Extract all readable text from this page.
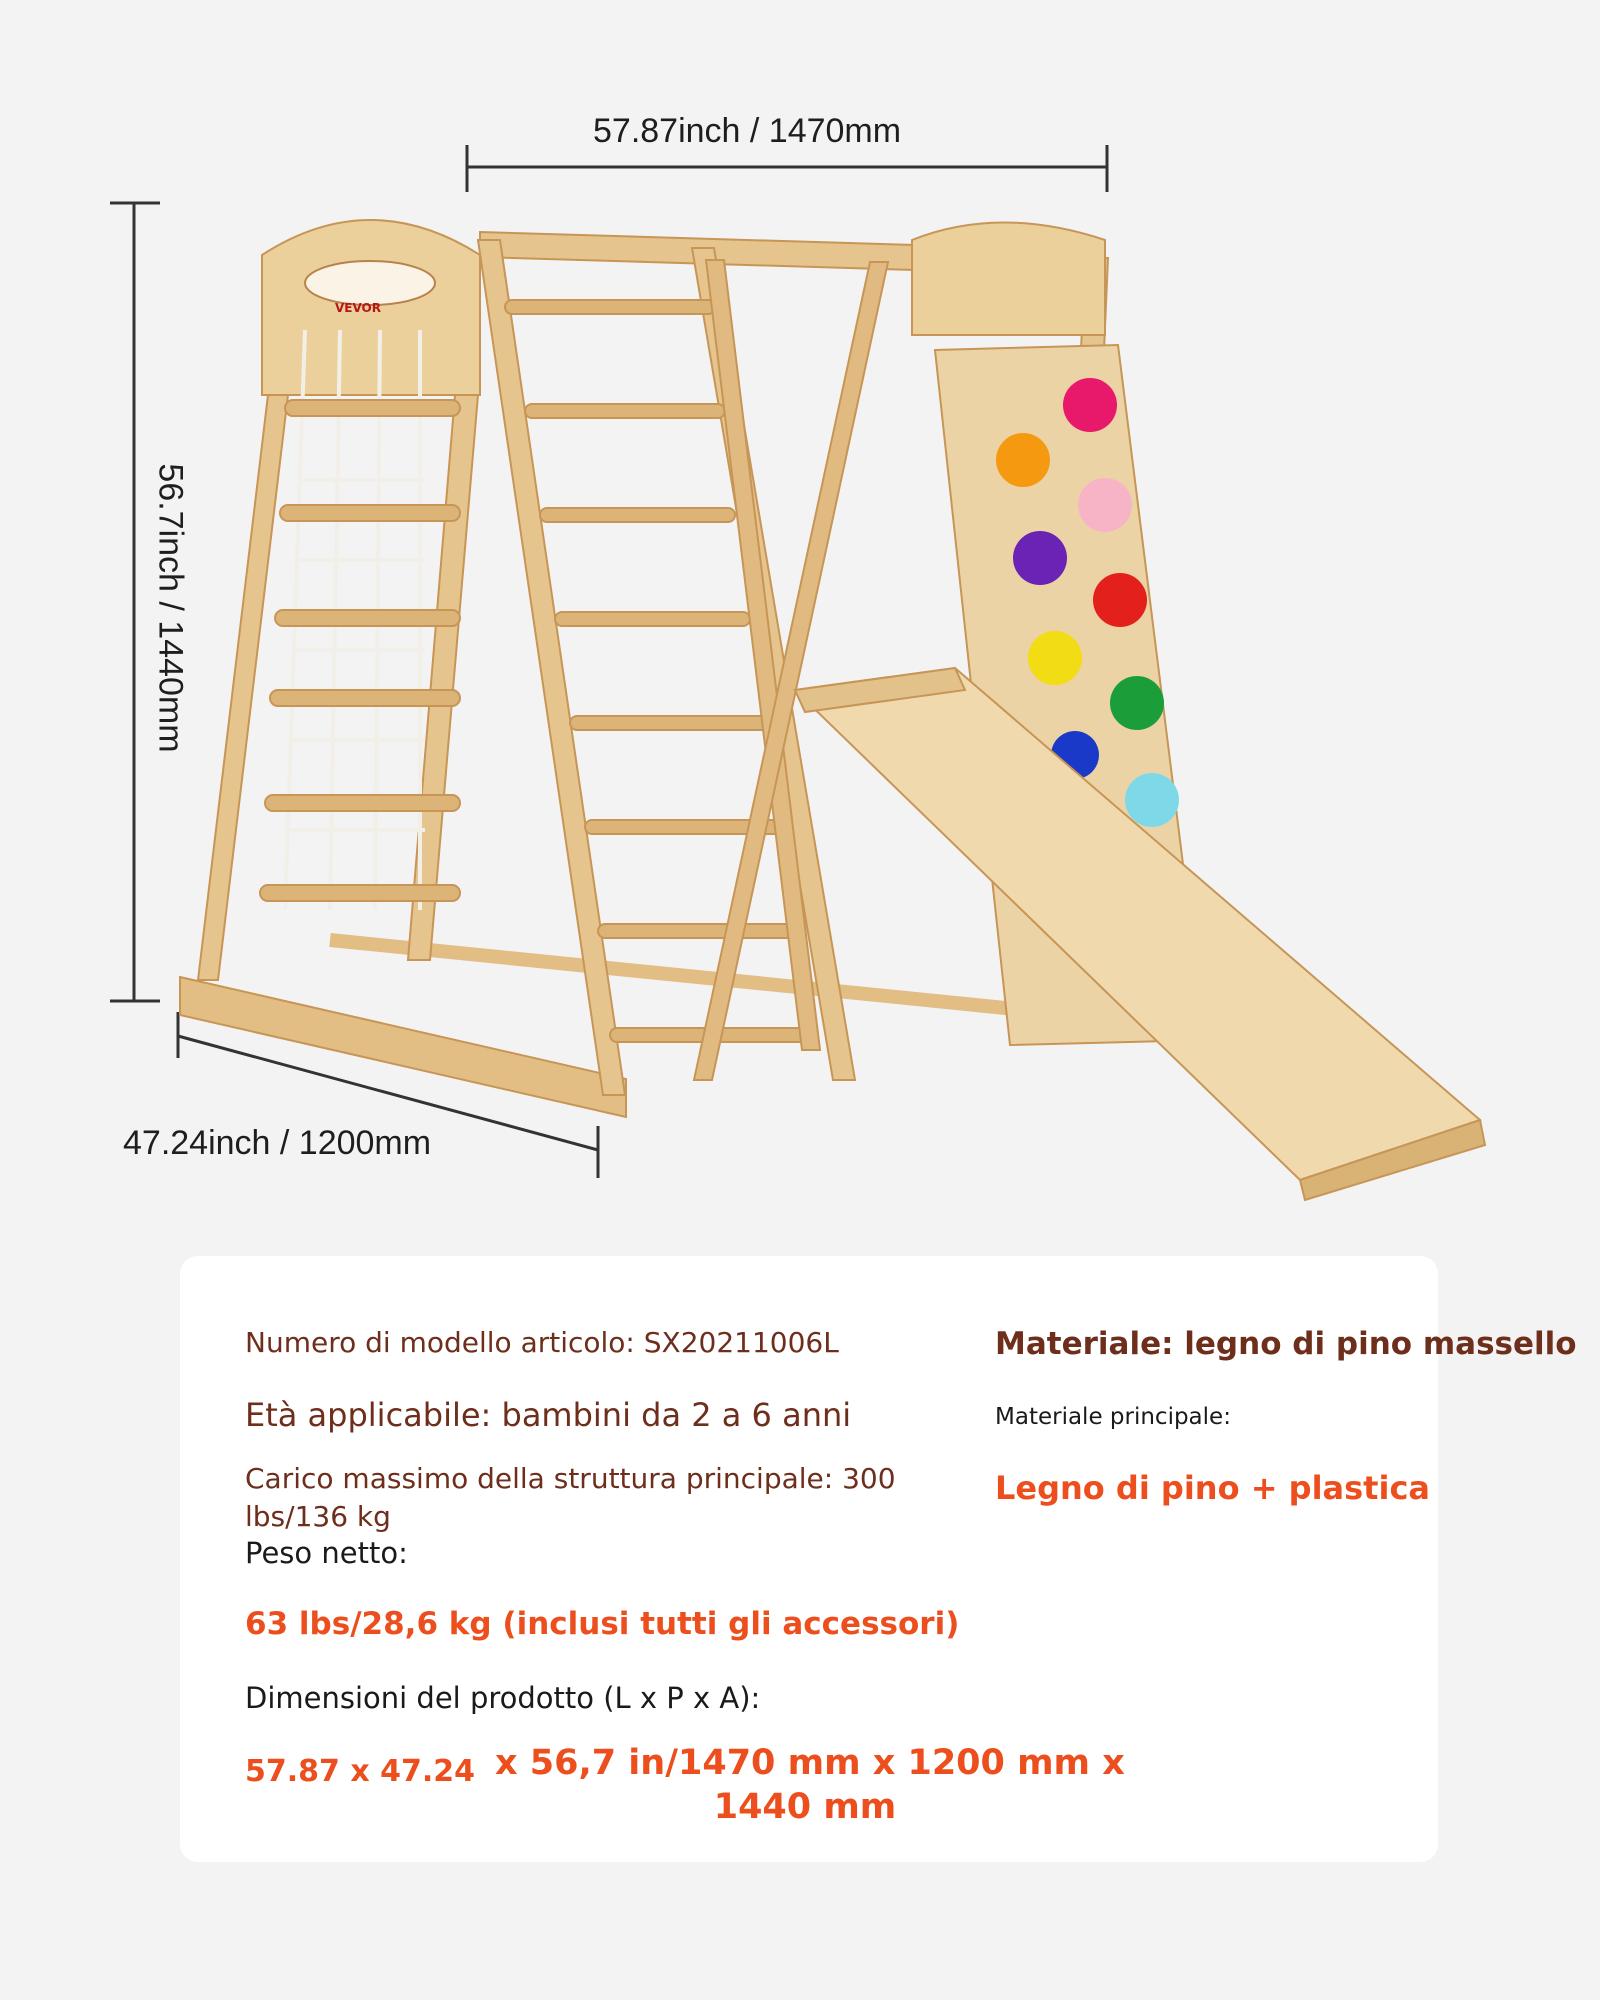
57.87inch / 1470mm
56.7inch / 1440mm
47.24inch / 1200mm
VEVOR
Numero di modello articolo: SX20211006L	Materiale: legno di pino massello
Età applicabile: bambini da 2 a 6 anni	Materiale principale:
Carico massimo della struttura principale: 300
lbs/136 kg
Legno di pino + plastica
Peso netto:
63 lbs/28,6 kg (inclusi tutti gli accessori)
Dimensioni del prodotto (L x P x A):
57.87 x 47.24 x 56,7 in/1470 mm x 1200 mm x
1440 mm
